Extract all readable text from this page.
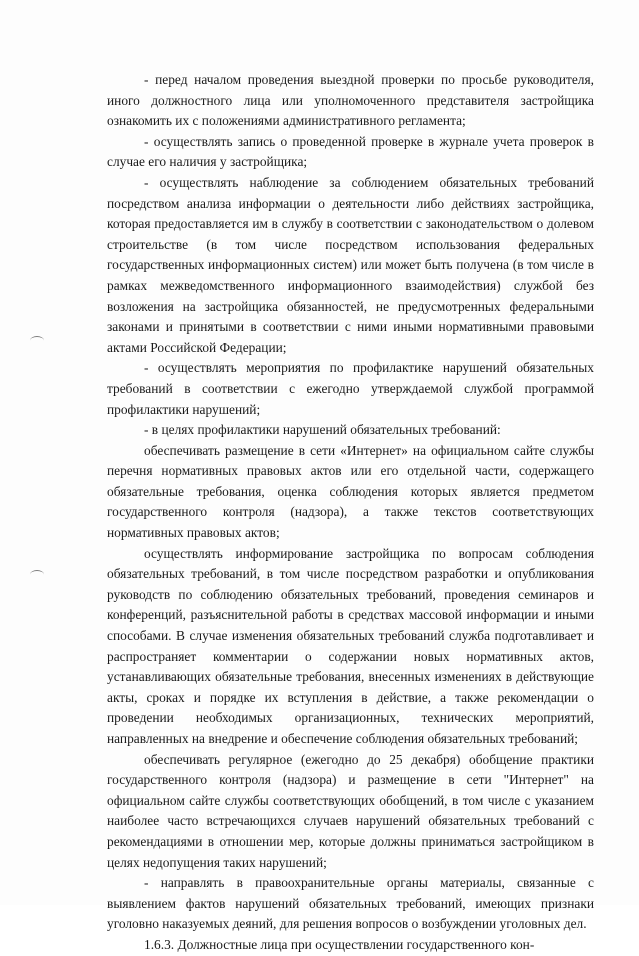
- перед началом проведения выездной проверки по просьбе руководителя, иного должностного лица или уполномоченного представителя застройщика ознакомить их с положениями административного регламента;

- осуществлять запись о проведенной проверке в журнале учета проверок в случае его наличия у застройщика;

- осуществлять наблюдение за соблюдением обязательных требований посредством анализа информации о деятельности либо действиях застройщика, которая предоставляется им в службу в соответствии с законодательством о долевом строительстве (в том числе посредством использования федеральных государственных информационных систем) или может быть получена (в том числе в рамках межведомственного информационного взаимодействия) службой без возложения на застройщика обязанностей, не предусмотренных федеральными законами и принятыми в соответствии с ними иными нормативными правовыми актами Российской Федерации;

- осуществлять мероприятия по профилактике нарушений обязательных требований в соответствии с ежегодно утверждаемой службой программой профилактики нарушений;

- в целях профилактики нарушений обязательных требований:

обеспечивать размещение в сети «Интернет» на официальном сайте службы перечня нормативных правовых актов или его отдельной части, содержащего обязательные требования, оценка соблюдения которых является предметом государственного контроля (надзора), а также текстов соответствующих нормативных правовых актов;

осуществлять информирование застройщика по вопросам соблюдения обязательных требований, в том числе посредством разработки и опубликования руководств по соблюдению обязательных требований, проведения семинаров и конференций, разъяснительной работы в средствах массовой информации и иными способами. В случае изменения обязательных требований служба подготавливает и распространяет комментарии о содержании новых нормативных актов, устанавливающих обязательные требования, внесенных изменениях в действующие акты, сроках и порядке их вступления в действие, а также рекомендации о проведении необходимых организационных, технических мероприятий, направленных на внедрение и обеспечение соблюдения обязательных требований;

обеспечивать регулярное (ежегодно до 25 декабря) обобщение практики государственного контроля (надзора) и размещение в сети "Интернет" на официальном сайте службы соответствующих обобщений, в том числе с указанием наиболее часто встречающихся случаев нарушений обязательных требований с рекомендациями в отношении мер, которые должны приниматься застройщиком в целях недопущения таких нарушений;

- направлять в правоохранительные органы материалы, связанные с выявлением фактов нарушений обязательных требований, имеющих признаки уголовно наказуемых деяний, для решения вопросов о возбуждении уголовных дел.

1.6.3. Должностные лица при осуществлении государственного кон-
